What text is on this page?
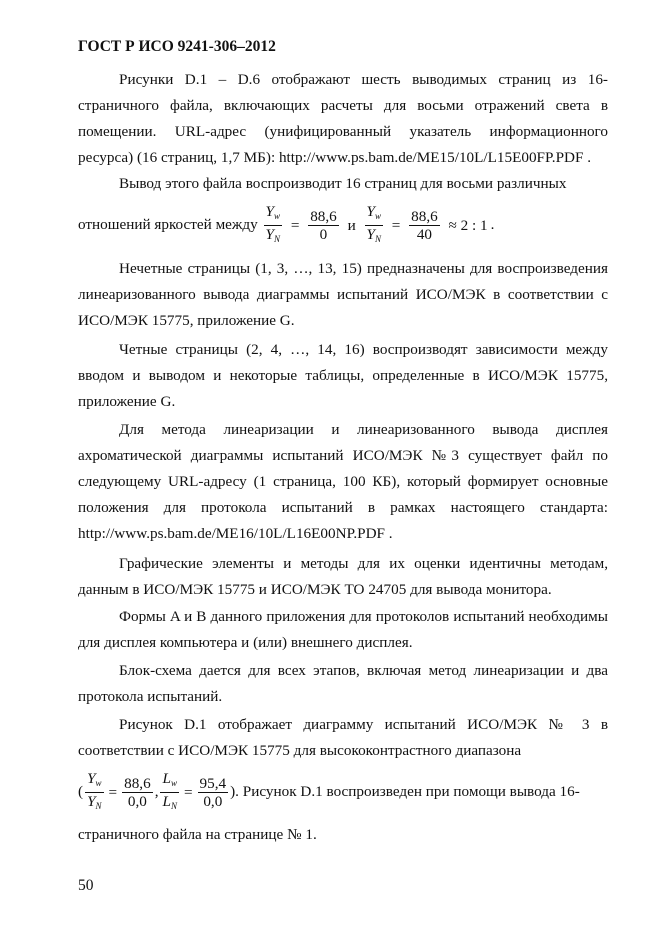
ГОСТ Р ИСО 9241-306–2012

Рисунки D.1 – D.6 отображают шесть выводимых страниц из 16-страничного файла, включающих расчеты для восьми отражений света в помещении. URL-адрес (унифицированный указатель информационного ресурса) (16 страниц, 1,7 МБ): http://www.ps.bam.de/ME15/10L/L15E00FP.PDF .

Вывод этого файла воспроизводит 16 страниц для восьми различных

отношений яркостей между $\frac{Y_w}{Y_N} = \frac{88,6}{0}$ и $\frac{Y_w}{Y_N} = \frac{88,6}{40} \approx 2$ : 1 .

Нечетные страницы (1, 3, …, 13, 15) предназначены для воспроизведения линеаризованного вывода диаграммы испытаний ИСО/МЭК в соответствии с ИСО/МЭК 15775, приложение G.

Четные страницы (2, 4, …, 14, 16) воспроизводят зависимости между вводом и выводом и некоторые таблицы, определенные в ИСО/МЭК 15775, приложение G.

Для метода линеаризации и линеаризованного вывода дисплея ахроматической диаграммы испытаний ИСО/МЭК №3 существует файл по следующему URL-адресу (1 страница, 100 КБ), который формирует основные положения для протокола испытаний в рамках настоящего стандарта: http://www.ps.bam.de/ME16/10L/L16E00NP.PDF .

Графические элементы и методы для их оценки идентичны методам, данным в ИСО/МЭК 15775 и ИСО/МЭК ТО 24705 для вывода монитора.

Формы A и B данного приложения для протоколов испытаний необходимы для дисплея компьютера и (или) внешнего дисплея.

Блок-схема дается для всех этапов, включая метод линеаризации и два протокола испытаний.

Рисунок D.1 отображает диаграмму испытаний ИСО/МЭК № 3 в соответствии с ИСО/МЭК 15775 для высококонтрастного диапазона

( $\frac{Y_w}{Y_N} = \frac{88,6}{0,0}$ , $\frac{L_w}{L_N} = \frac{95,4}{0,0}$ ). Рисунок D.1 воспроизведен при помощи вывода 16-
страничного файла на странице № 1.
50
